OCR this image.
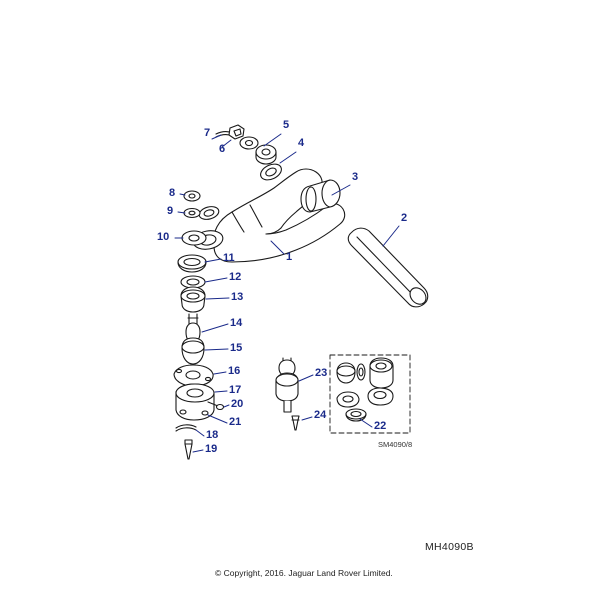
1
2
3
4
5
6
7
8
9
10
11
12
13
14
15
16
17
18
19
20
21	22
23
24
SM4090/8
MH4090B
© Copyright, 2016. Jaguar Land Rover Limited.
